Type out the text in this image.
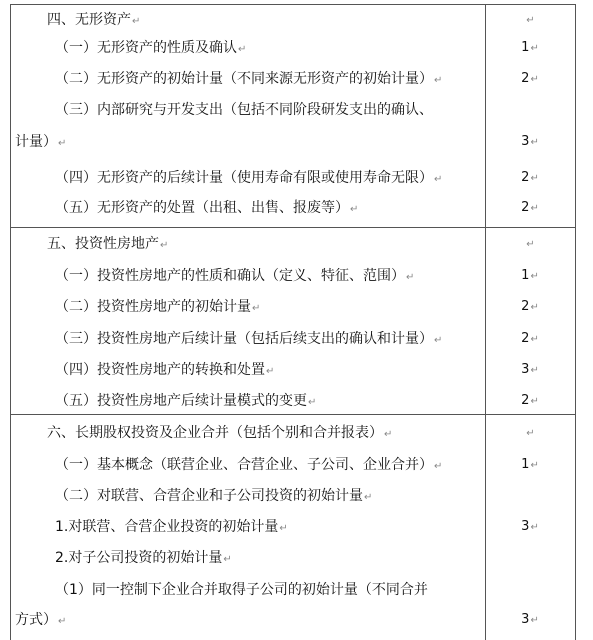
四、无形资产↵	↵
（一）无形资产的性质及确认↵	1↵
（二）无形资产的初始计量（不同来源无形资产的初始计量）↵	2↵
（三）内部研究与开发支出（包括不同阶段研发支出的确认、
计量）↵	3↵
（四）无形资产的后续计量（使用寿命有限或使用寿命无限）↵	2↵
（五）无形资产的处置（出租、出售、报废等）↵	2↵
五、投资性房地产↵	↵
（一）投资性房地产的性质和确认（定义、特征、范围）↵	1↵
（二）投资性房地产的初始计量↵	2↵
（三）投资性房地产后续计量（包括后续支出的确认和计量）↵	2↵
（四）投资性房地产的转换和处置↵	3↵
（五）投资性房地产后续计量模式的变更↵	2↵
六、长期股权投资及企业合并（包括个别和合并报表）↵	↵
（一）基本概念（联营企业、合营企业、子公司、企业合并）↵	1↵
（二）对联营、合营企业和子公司投资的初始计量↵
1.对联营、合营企业投资的初始计量↵	3↵
2.对子公司投资的初始计量↵
（1）同一控制下企业合并取得子公司的初始计量（不同合并
方式）↵	3↵
